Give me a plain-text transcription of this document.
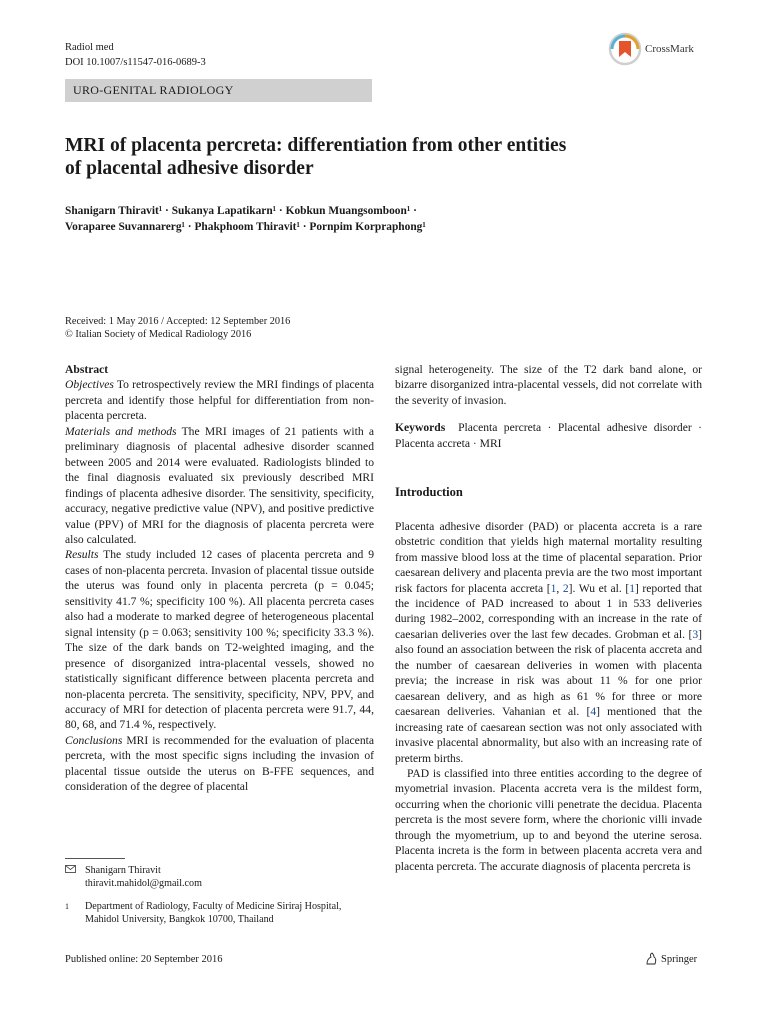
Radiol med
DOI 10.1007/s11547-016-0689-3
CrossMark
URO-GENITAL RADIOLOGY
MRI of placenta percreta: differentiation from other entities
of placental adhesive disorder
Shanigarn Thiravit¹ · Sukanya Lapatikarn¹ · Kobkun Muangsomboon¹ ·
Voraparee Suvannarerg¹ · Phakphoom Thiravit¹ · Pornpim Korpraphong¹
Received: 1 May 2016 / Accepted: 12 September 2016
© Italian Society of Medical Radiology 2016

Abstract

Objectives To retrospectively review the MRI findings of placenta percreta and identify those helpful for differentiation from non-placenta percreta.

Materials and methods The MRI images of 21 patients with a preliminary diagnosis of placental adhesive disorder scanned between 2005 and 2014 were evaluated. Radiologists blinded to the final diagnosis evaluated six previously described MRI findings of placenta adhesive disorder. The sensitivity, specificity, accuracy, negative predictive value (NPV), and positive predictive value (PPV) of MRI for the diagnosis of placenta percreta were also calculated.

Results The study included 12 cases of placenta percreta and 9 cases of non-placenta percreta. Invasion of placental tissue outside the uterus was found only in placenta percreta (p = 0.045; sensitivity 41.7 %; specificity 100 %). All placenta percreta cases also had a moderate to marked degree of heterogeneous placental signal intensity (p = 0.063; sensitivity 100 %; specificity 33.3 %). The size of the dark bands on T2-weighted imaging, and the presence of disorganized intra-placental vessels, showed no statistically significant difference between placenta percreta and non-placenta percreta. The sensitivity, specificity, NPV, PPV, and accuracy of MRI for detection of placenta percreta were 91.7, 44, 80, 68, and 71.4 %, respectively.

Conclusions MRI is recommended for the evaluation of placenta percreta, with the most specific signs including the invasion of placental tissue outside the uterus on B-FFE sequences, and consideration of the degree of placental

signal heterogeneity. The size of the T2 dark band alone, or bizarre disorganized intra-placental vessels, did not correlate with the severity of invasion.

Keywords Placenta percreta · Placental adhesive disorder · Placenta accreta · MRI

Introduction

Placenta adhesive disorder (PAD) or placenta accreta is a rare obstetric condition that yields high maternal mortality resulting from massive blood loss at the time of placental separation. Prior caesarean delivery and placenta previa are the two most important risk factors for placenta accreta [1, 2]. Wu et al. [1] reported that the incidence of PAD increased to about 1 in 533 deliveries during 1982–2002, corresponding with an increase in the rate of caesarian deliveries over the last few decades. Grobman et al. [3] also found an association between the risk of placenta accreta and the number of caesarean deliveries in women with placenta previa; the increase in risk was about 11 % for one prior caesarean delivery, and as high as 61 % for three or more caesarean deliveries. Vahanian et al. [4] mentioned that the increasing rate of caesarean section was not only associated with invasive placental abnormality, but also with an increasing rate of preterm births.

PAD is classified into three entities according to the degree of myometrial invasion. Placenta accreta vera is the mildest form, occurring when the chorionic villi penetrate the decidua. Placenta percreta is the most severe form, where the chorionic villi invade through the myometrium, up to and beyond the uterine serosa. Placenta increta is the form in between placenta accreta vera and placenta percreta. The accurate diagnosis of placenta percreta is

Shanigarn Thiravit
thiravit.mahidol@gmail.com
1	Department of Radiology, Faculty of Medicine Siriraj Hospital, Mahidol University, Bangkok 10700, Thailand
Published online: 20 September 2016	Springer
